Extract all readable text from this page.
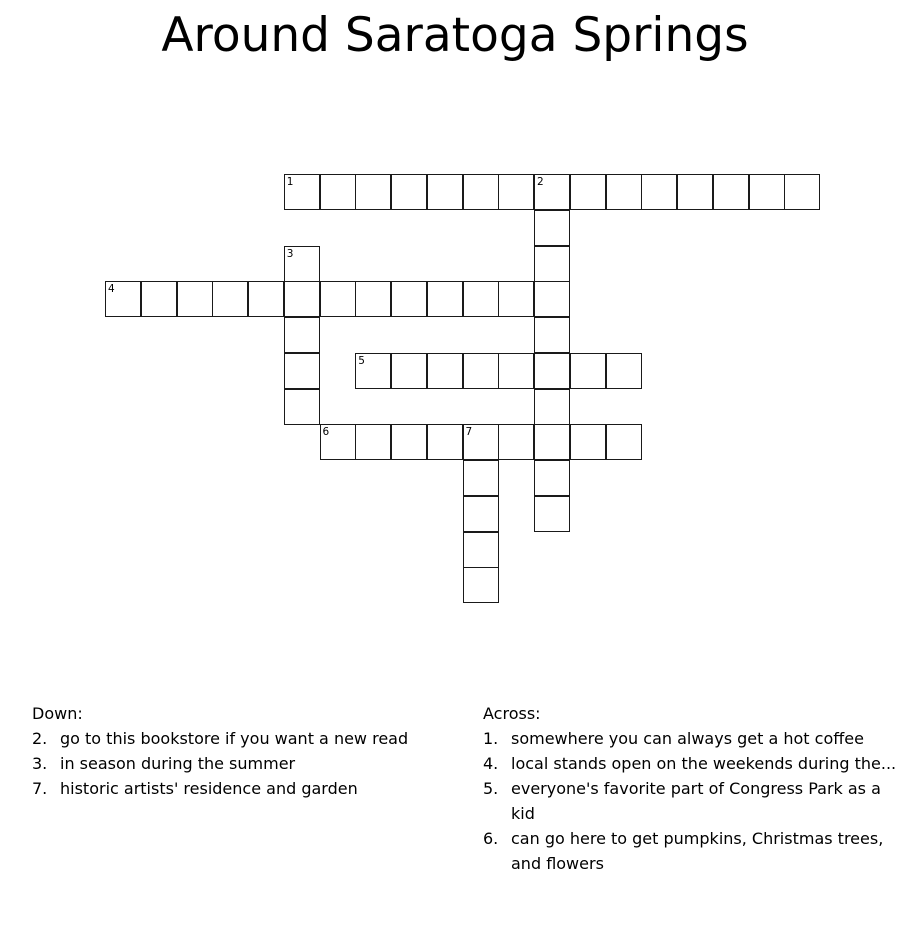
Around Saratoga Springs
1	2
3
4
5
6	7
Down:
2. go to this bookstore if you want a new read
3. in season during the summer
7. historic artists' residence and garden
Across:
1. somewhere you can always get a hot coffee
4. local stands open on the weekends during the...
5. everyone's favorite part of Congress Park as a kid
6. can go here to get pumpkins, Christmas trees, and flowers
